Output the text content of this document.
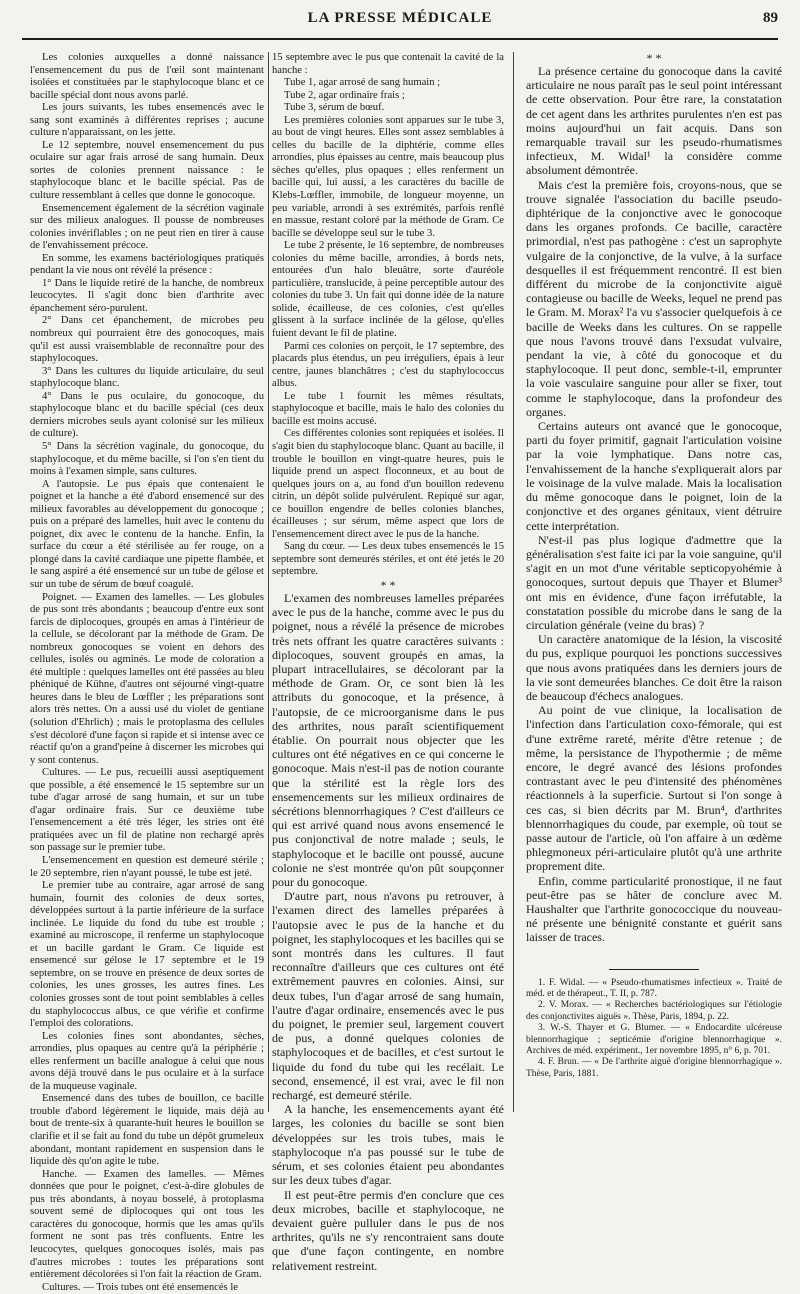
LA PRESSE MÉDICALE	89

Les colonies auxquelles a donné naissance l'ensemencement du pus de l'œil sont maintenant isolées et constituées par le staphylocoque blanc et ce bacille spécial dont nous avons parlé.

Les jours suivants, les tubes ensemencés avec le sang sont examinés à différentes reprises ; aucune culture n'apparaissant, on les jette.

Le 12 septembre, nouvel ensemencement du pus oculaire sur agar frais arrosé de sang humain. Deux sortes de colonies prennent naissance : le staphylocoque blanc et le bacille spécial. Pas de culture ressemblant à celles que donne le gonocoque.

Ensemencement également de la sécrétion vaginale sur des milieux analogues. Il pousse de nombreuses colonies invériflables ; on ne peut rien en tirer à cause de l'envahissement précoce.

En somme, les examens bactériologiques pratiqués pendant la vie nous ont révélé la présence :

1° Dans le liquide retiré de la hanche, de nombreux leucocytes. Il s'agit donc bien d'arthrite avec épanchement séro-purulent.

2° Dans cet épanchement, de microbes peu nombreux qui pourraient être des gonocoques, mais qu'il est aussi vraisemblable de reconnaître pour des staphylocoques.

3° Dans les cultures du liquide articulaire, du seul staphylocoque blanc.

4° Dans le pus oculaire, du gonocoque, du staphylocoque blanc et du bacille spécial (ces deux derniers microbes seuls ayant colonisé sur les milieux de culture).

5° Dans la sécrétion vaginale, du gonocoque, du staphylocoque, et du même bacille, si l'on s'en tient du moins à l'examen simple, sans cultures.

A l'autopsie. Le pus épais que contenaient le poignet et la hanche a été d'abord ensemencé sur des milieux favorables au développement du gonocoque ; puis on a préparé des lamelles, huit avec le contenu du poignet, dix avec le contenu de la hanche. Enfin, la surface du cœur a été stérilisée au fer rouge, on a plongé dans la cavité cardiaque une pipette flambée, et le sang aspiré a été ensemencé sur un tube de gélose et sur un tube de sérum de bœuf coagulé.

Poignet. — Examen des lamelles. — Les globules de pus sont très abondants ; beaucoup d'entre eux sont farcis de diplocoques, groupés en amas à l'intérieur de la cellule, se décolorant par la méthode de Gram. De nombreux gonocoques se voient en dehors des cellules, isolés ou agminés. Le mode de coloration a été multiple : quelques lamelles ont été passées au bleu phéniqué de Kühne, d'autres ont séjourné vingt-quatre heures dans le bleu de Lœffler ; les préparations sont alors très nettes. On a aussi usé du violet de gentiane (solution d'Ehrlich) ; mais le protoplasma des cellules s'est décoloré d'une façon si rapide et si intense avec ce réactif qu'on a grand'peine à discerner les microbes qui y sont contenus.

Cultures. — Le pus, recueilli aussi aseptiquement que possible, a été ensemencé le 15 septembre sur un tube d'agar arrosé de sang humain, et sur un tube d'agar ordinaire frais. Sur ce deuxième tube l'ensemencement a été très léger, les stries ont été pratiquées avec un fil de platine non rechargé après son passage sur le premier tube.

L'ensemencement en question est demeuré stérile ; le 20 septembre, rien n'ayant poussé, le tube est jeté.

Le premier tube au contraire, agar arrosé de sang humain, fournit des colonies de deux sortes, développées surtout à la partie inférieure de la surface inclinée. Le liquide du fond du tube est trouble ; examiné au microscope, il renferme un staphylocoque et un bacille gardant le Gram. Ce liquide est ensemencé sur gélose le 17 septembre et le 19 septembre, on se trouve en présence de deux sortes de colonies, les unes grosses, les autres fines. Les colonies grosses sont de tout point semblables à celles du staphylococcus albus, ce que vérifie et confirme l'emploi des colorations.

Les colonies fines sont abondantes, sèches, arrondies, plus opaques au centre qu'à la périphérie ; elles renferment un bacille analogue à celui que nous avons déjà trouvé dans le pus oculaire et à la surface de la muqueuse vaginale.

Ensemencé dans des tubes de bouillon, ce bacille trouble d'abord légèrement le liquide, mais déjà au bout de trente-six à quarante-huit heures le bouillon se clarifie et il se fait au fond du tube un dépôt grumeleux abondant, montant rapidement en suspension dans le liquide dès qu'on agite le tube.

Hanche. — Examen des lamelles. — Mêmes données que pour le poignet, c'est-à-dire globules de pus très abondants, à noyau bosselé, à protoplasma souvent semé de diplocoques qui ont tous les caractères du gonocoque, hormis que les amas qu'ils forment ne sont pas très confluents. Entre les leucocytes, quelques gonocoques isolés, mais pas d'autres microbes : toutes les préparations sont entièrement décolorées si l'on fait la réaction de Gram.

Cultures. — Trois tubes ont été ensemencés le

15 septembre avec le pus que contenait la cavité de la hanche :

Tube 1, agar arrosé de sang humain ;

Tube 2, agar ordinaire frais ;

Tube 3, sérum de bœuf.

Les premières colonies sont apparues sur le tube 3, au bout de vingt heures. Elles sont assez semblables à celles du bacille de la diphtérie, comme elles arrondies, plus épaisses au centre, mais beaucoup plus sèches qu'elles, plus opaques ; elles renferment un bacille qui, lui aussi, a les caractères du bacille de Klebs-Lœffler, immobile, de longueur moyenne, un peu variable, arrondi à ses extrémités, parfois renflé en massue, restant coloré par la méthode de Gram. Ce bacille se développe seul sur le tube 3.

Le tube 2 présente, le 16 septembre, de nombreuses colonies du même bacille, arrondies, à bords nets, entourées d'un halo bleuâtre, sorte d'auréole particulière, translucide, à peine perceptible autour des colonies du tube 3. Un fait qui donne idée de la nature solide, écailleuse, de ces colonies, c'est qu'elles glissent à la surface inclinée de la gélose, qu'elles fuient devant le fil de platine.

Parmi ces colonies on perçoit, le 17 septembre, des placards plus étendus, un peu irréguliers, épais à leur centre, jaunes blanchâtres ; c'est du staphylococcus albus.

Le tube 1 fournit les mêmes résultats, staphylocoque et bacille, mais le halo des colonies du bacille est moins accusé.

Ces différentes colonies sont repiquées et isolées. Il s'agit bien du staphylocoque blanc. Quant au bacille, il trouble le bouillon en vingt-quatre heures, puis le liquide prend un aspect floconneux, et au bout de quelques jours on a, au fond d'un bouillon redevenu citrin, un dépôt solide pulvérulent. Repiqué sur agar, ce bouillon engendre de belles colonies blanches, écailleuses ; sur sérum, même aspect que lors de l'ensemencement direct avec le pus de la hanche.

Sang du cœur. — Les deux tubes ensemencés le 15 septembre sont demeurés stériles, et ont été jetés le 20 septembre.

* *

L'examen des nombreuses lamelles préparées avec le pus de la hanche, comme avec le pus du poignet, nous a révélé la présence de microbes très nets offrant les quatre caractères suivants : diplocoques, souvent groupés en amas, la plupart intracellulaires, se décolorant par la méthode de Gram. Or, ce sont bien là les attributs du gonocoque, et la présence, à l'autopsie, de ce microorganisme dans le pus des arthrites, nous paraît scientifiquement établie. On pourrait nous objecter que les cultures ont été négatives en ce qui concerne le gonocoque. Mais n'est-il pas de notion courante que la stérilité est la règle lors des ensemencements sur les milieux ordinaires de sécrétions blennorrhagiques ? C'est d'ailleurs ce qui est arrivé quand nous avons ensemencé le pus conjonctival de notre malade ; seuls, le staphylocoque et le bacille ont poussé, aucune colonie ne s'est montrée qu'on pût soupçonner pour du gonocoque.

D'autre part, nous n'avons pu retrouver, à l'examen direct des lamelles préparées à l'autopsie avec le pus de la hanche et du poignet, les staphylocoques et les bacilles qui se sont montrés dans les cultures. Il faut reconnaître d'ailleurs que ces cultures ont été extrêmement pauvres en colonies. Ainsi, sur deux tubes, l'un d'agar arrosé de sang humain, l'autre d'agar ordinaire, ensemencés avec le pus du poignet, le premier seul, largement couvert de pus, a donné quelques colonies de staphylocoques et de bacilles, et c'est surtout le liquide du fond du tube qui les recélait. Le second, ensemencé, il est vrai, avec le fil non rechargé, est demeuré stérile.

A la hanche, les ensemencements ayant été larges, les colonies du bacille se sont bien développées sur les trois tubes, mais le staphylocoque n'a pas poussé sur le tube de sérum, et ses colonies étaient peu abondantes sur les deux tubes d'agar.

Il est peut-être permis d'en conclure que ces deux microbes, bacille et staphylocoque, ne devaient guère pulluler dans le pus de nos arthrites, qu'ils ne s'y rencontraient sans doute que d'une façon contingente, en nombre relativement restreint.

* *

La présence certaine du gonocoque dans la cavité articulaire ne nous paraît pas le seul point intéressant de cette observation. Pour être rare, la constatation de cet agent dans les arthrites purulentes n'en est pas moins aujourd'hui un fait acquis. Dans son remarquable travail sur les pseudo-rhumatismes infectieux, M. Widal¹ la considère comme absolument démontrée.

Mais c'est la première fois, croyons-nous, que se trouve signalée l'association du bacille pseudo-diphtérique de la conjonctive avec le gonocoque dans les organes profonds. Ce bacille, caractère primordial, n'est pas pathogène : c'est un saprophyte vulgaire de la conjonctive, de la vulve, à la surface desquelles il est fréquemment rencontré. Il est bien différent du microbe de la conjonctivite aiguë contagieuse ou bacille de Weeks, lequel ne prend pas le Gram. M. Morax² l'a vu s'associer quelquefois à ce bacille de Weeks dans les cultures. On se rappelle que nous l'avons trouvé dans l'exsudat vulvaire, pendant la vie, à côté du gonocoque et du staphylocoque. Il peut donc, semble-t-il, emprunter la voie vasculaire sanguine pour aller se fixer, tout comme le staphylocoque, dans la profondeur des organes.

Certains auteurs ont avancé que le gonocoque, parti du foyer primitif, gagnait l'articulation voisine par la voie lymphatique. Dans notre cas, l'envahissement de la hanche s'expliquerait alors par le voisinage de la vulve malade. Mais la localisation du même gonocoque dans le poignet, loin de la conjonctive et des organes génitaux, vient détruire cette interprétation.

N'est-il pas plus logique d'admettre que la généralisation s'est faite ici par la voie sanguine, qu'il s'agit en un mot d'une véritable septicopyohémie à gonocoques, surtout depuis que Thayer et Blumer³ ont mis en évidence, d'une façon irréfutable, la constatation possible du microbe dans le sang de la circulation générale (veine du bras) ?

Un caractère anatomique de la lésion, la viscosité du pus, explique pourquoi les ponctions successives que nous avons pratiquées dans les derniers jours de la vie sont demeurées blanches. Ce doit être la raison de beaucoup d'échecs analogues.

Au point de vue clinique, la localisation de l'infection dans l'articulation coxo-fémorale, qui est d'une extrême rareté, mérite d'être retenue ; de même, la persistance de l'hypothermie ; de même encore, le degré avancé des lésions profondes contrastant avec le peu d'intensité des phénomènes réactionnels à la superficie. Surtout si l'on songe à ces cas, si bien décrits par M. Brun⁴, d'arthrites blennorrhagiques du coude, par exemple, où tout se passe autour de l'article, où l'on affaire à un œdème phlegmoneux péri-articulaire plutôt qu'à une arthrite proprement dite.

Enfin, comme particularité pronostique, il ne faut peut-être pas se hâter de conclure avec M. Haushalter que l'arthrite gonococcique du nouveau-né présente une bénignité constante et guérit sans laisser de traces.

1. F. Widal. — « Pseudo-rhumatismes infectieux ». Traité de méd. et de thérapeut., T. II, p. 787.

2. V. Morax. — « Recherches bactériologiques sur l'étiologie des conjonctivites aiguës ». Thèse, Paris, 1894, p. 22.

3. W.-S. Thayer et G. Blumer. — « Endocardite ulcéreuse blennorrhagique ; septicémie d'origine blennorrhagique ». Archives de méd. expériment., 1er novembre 1895, n° 6, p. 701.

4. F. Brun. — « De l'arthrite aiguë d'origine blennorrhagique ». Thèse, Paris, 1881.
